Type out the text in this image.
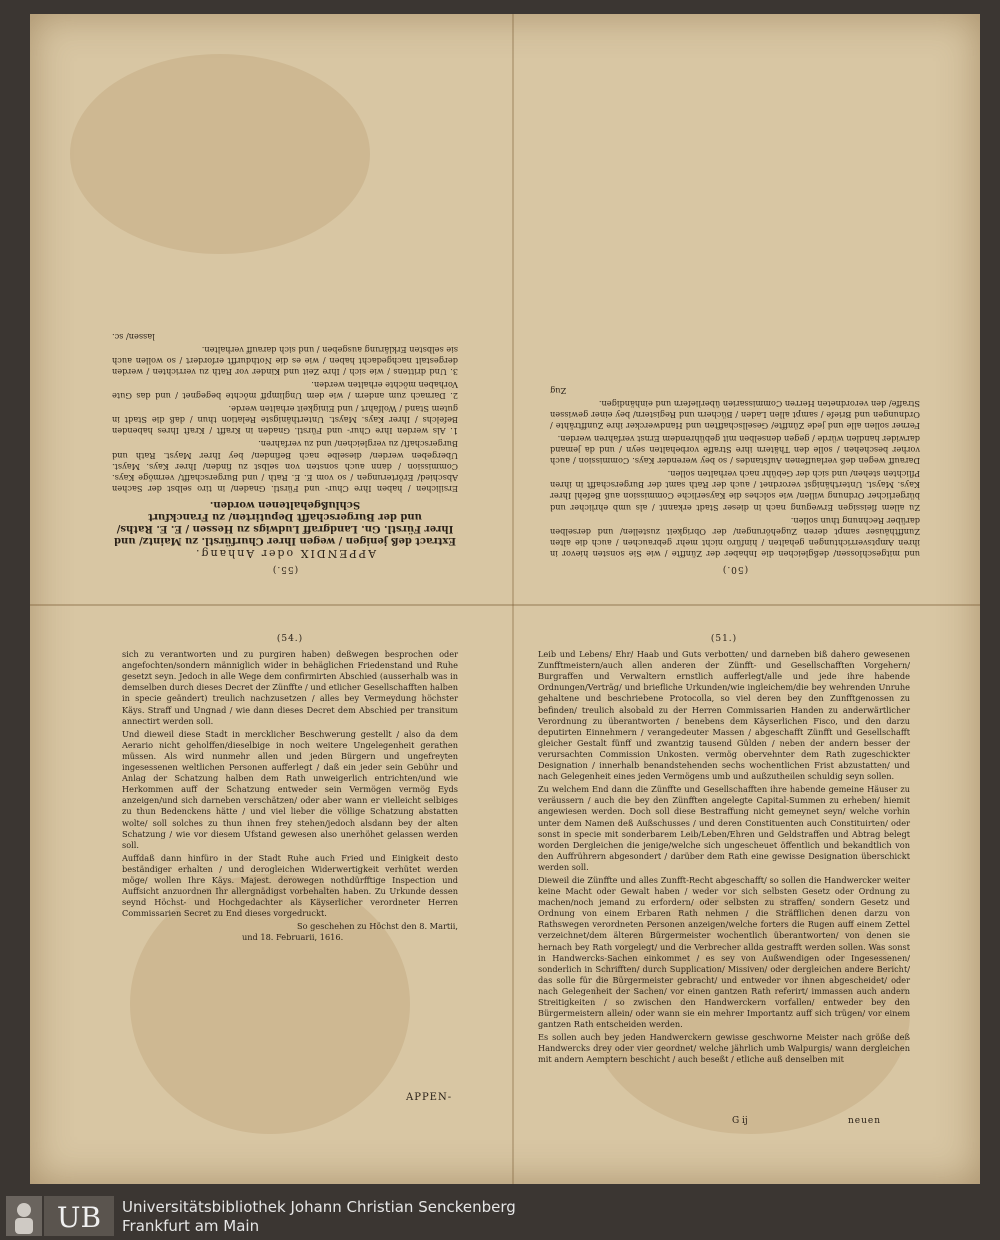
(55.)
APPENDIX oder Anhang.
Extract deß jenigen / wegen Ihrer Churfürstl. zu Maintz/ und Ihrer Fürstl. Gn. Landgraff Ludwigs zu Hessen / E. E. Raths/ und der Burgerschafft Deputirten/ zu Franckfurt Schlußgehaltenen worden.

Ersilichen / haben Ihre Chur- und Fürstl. Gnaden/ in tiro selbst der Sachen Abschied/ Erörterungen / so vom E. E. Rath / und Burgerschafft/ vermöge Kays. Commission / dann auch sonsten von selbst zu finden/ Ihrer Kays. Mayst. Ubergeben werden/ dieselbe nach Befinden/ bey Ihrer Mayst. Rath und Burgerschaft/ zu vergleichen/ und zu verfahren.

1. Als werden Ihre Chur- und Fürstl. Gnaden in Krafft / Kraft Ihres habenden Befelchs / Ihrer Kays. Mayst. Unterthänigste Relation thun / daß die Stadt in gutem Stand / Wolfahrt / und Einigkeit erhalten werde.

2. Darnach zum andern / wie dem Unglimpff möchte begegnet / und das Gute Vorhaben möchte erhalten werden.

3. Und drittens / wie sich / Ihre Zeit und Kinder vor Rath zu verrichten / werden dergestalt nachgedacht haben / wie es die Nothdurfft erfordert / so wollen auch sie selbsten Erklärung ausgeben / und sich darauff verhalten.

lassen/ sc.
(50.)

und mitgeschlossen/ deßgleichen die Inhaber der Zünffte / wie Sie sonsten hievor in ihren Amptsverrichtungen gehalten / hinfüro nicht mehr gebrauchen / auch die alten Zunffthäuser sampt deren Zugehörungen/ der Obrigkeit zustellen/ und derselben darüber Rechnung thun sollen.

Zu allem fleissigen Erwegung nach in dieser Stadt erkannt / als umb ehrlicher und bürgerlicher Ordnung willen/ wie solches die Kayserliche Commission auß Befehl Ihrer Kays. Mayst. Unterthänigst verordnet / auch der Rath samt der Burgerschafft in ihren Pflichten stehen/ und sich der Gebühr nach verhalten sollen.

Darauff wegen deß verlauffenen Aufstandes / so bey werender Kays. Commission / auch vorher beschehen / solle den Thätern ihre Straffe vorbehalten seyn / und da jemand darwider handlen würde / gegen denselben mit gebührendem Ernst verfahren werden.

Ferner sollen alle und jede Zünffte/ Gesellschafften und Handwercker ihre Zunffträhte / Ordnungen und Briefe / sampt allen Laden / Büchern und Registern/ bey einer gewissen Straffe/ den verordneten Herren Commissarien überliefern und einhändigen.

Zug
(54.)

sich zu verantworten und zu purgiren haben) deßwegen besprochen oder angefochten/sondern männiglich wider in behäglichen Friedenstand und Ruhe gesetzt seyn. Jedoch in alle Wege dem confirmirten Abschied (ausserhalb was in demselben durch dieses Decret der Zünffte / und etlicher Gesellschafften halben in specie geändert) treulich nachzusetzen / alles bey Vermeydung höchster Käys. Straff und Ungnad / wie dann dieses Decret dem Abschied per transitum annectirt werden soll.

Und dieweil diese Stadt in mercklicher Beschwerung gestellt / also da dem Aerario nicht geholffen/dieselbige in noch weitere Ungelegenheit gerathen müssen. Als wird nunmehr allen und jeden Bürgern und ungefreyten ingesessenen weltlichen Personen aufferlegt / daß ein jeder sein Gebühr und Anlag der Schatzung halben dem Rath unweigerlich entrichten/und wie Herkommen auff der Schatzung entweder sein Vermögen vermög Eyds anzeigen/und sich darneben verschätzen/ oder aber wann er vielleicht selbiges zu thun Bedenckens hätte / und viel lieber die völlige Schatzung abstatten wolte/ soll solches zu thun ihnen frey stehen/jedoch alsdann bey der alten Schatzung / wie vor diesem Ufstand gewesen also unerhöhet gelassen werden soll.

Auffdaß dann hinfüro in der Stadt Ruhe auch Fried und Einigkeit desto beständiger erhalten / und derogleichen Widerwertigkeit verhütet werden möge/ wollen Ihre Käys. Majest. derowegen nothdürfftige Inspection und Auffsicht anzuordnen Ihr allergnädigst vorbehalten haben. Zu Urkunde dessen seynd Höchst- und Hochgedachter als Käyserlicher verordneter Herren Commissarien Secret zu End dieses vorgedruckt.

So geschehen zu Höchst den 8. Martii,
und 18. Februarii, 1616.
APPEN-
(51.)

Leib und Lebens/ Ehr/ Haab und Guts verbotten/ und darneben biß dahero gewesenen Zunfftmeistern/auch allen anderen der Zünfft- und Gesellschafften Vorgehern/ Burgraffen und Verwaltern ernstlich aufferlegt/alle und jede ihre habende Ordnungen/Verträg/ und briefliche Urkunden/wie ingleichem/die bey wehrenden Unruhe gehaltene und beschriebene Protocolla, so viel deren bey den Zunfftgenossen zu befinden/ treulich alsobald zu der Herren Commissarien Handen zu anderwärtlicher Verordnung zu überantworten / benebens dem Käyserlichen Fisco, und den darzu deputirten Einnehmern / verangedeuter Massen / abgeschafft Zünfft und Gesellschafft gleicher Gestalt fünff und zwantzig tausend Gülden / neben der andern besser der verursachten Commission Unkosten. vermög obervehnter dem Rath zugeschickter Designation / innerhalb benandstehenden sechs wochentlichen Frist abzustatten/ und nach Gelegenheit eines jeden Vermögens umb und außzutheilen schuldig seyn sollen.

Zu welchem End dann die Zünffte und Gesellschafften ihre habende gemeine Häuser zu veräussern / auch die bey den Zünfften angelegte Capital-Summen zu erheben/ hiemit angewiesen werden. Doch soll diese Bestraffung nicht gemeynet seyn/ welche vorhin unter dem Namen deß Außschusses / und deren Constituenten auch Constituirten/ oder sonst in specie mit sonderbarem Leib/Leben/Ehren und Geldstraffen und Abtrag belegt worden Dergleichen die jenige/welche sich ungescheuet öffentlich und bekandtlich von den Auffrührern abgesondert / darüber dem Rath eine gewisse Designation überschickt werden soll.

Dieweil die Zünffte und alles Zunfft-Recht abgeschafft/ so sollen die Handwercker weiter keine Macht oder Gewalt haben / weder vor sich selbsten Gesetz oder Ordnung zu machen/noch jemand zu erfordern/ oder selbsten zu straffen/ sondern Gesetz und Ordnung von einem Erbaren Rath nehmen / die Sträfflichen denen darzu von Rathswegen verordneten Personen anzeigen/welche forters die Rugen auff einem Zettel verzeichnet/dem älteren Bürgermeister wochentlich überantworten/ von denen sie hernach bey Rath vorgelegt/ und die Verbrecher allda gestrafft werden sollen. Was sonst in Handwercks-Sachen einkommet / es sey von Außwendigen oder Ingesessenen/ sonderlich in Schrifften/ durch Supplication/ Missiven/ oder dergleichen andere Bericht/ das solle für die Bürgermeister gebracht/ und entweder vor ihnen abgescheidet/ oder nach Gelegenheit der Sachen/ vor einen gantzen Rath referirt/ immassen auch andern Streitigkeiten / so zwischen den Handwerckern vorfallen/ entweder bey den Bürgermeistern allein/ oder wann sie ein mehrer Importantz auff sich trügen/ vor einem gantzen Rath entscheiden werden.

Es sollen auch bey jeden Handwerckern gewisse geschworne Meister nach größe deß Handwercks drey oder vier geordnet/ welche jährlich umb Walpurgis/ wann dergleichen mit andern Aemptern beschicht / auch beseßt / etliche auß denselben mit

G ij	neuen
UB Universitätsbibliothek Johann Christian Senckenberg
Frankfurt am Main
